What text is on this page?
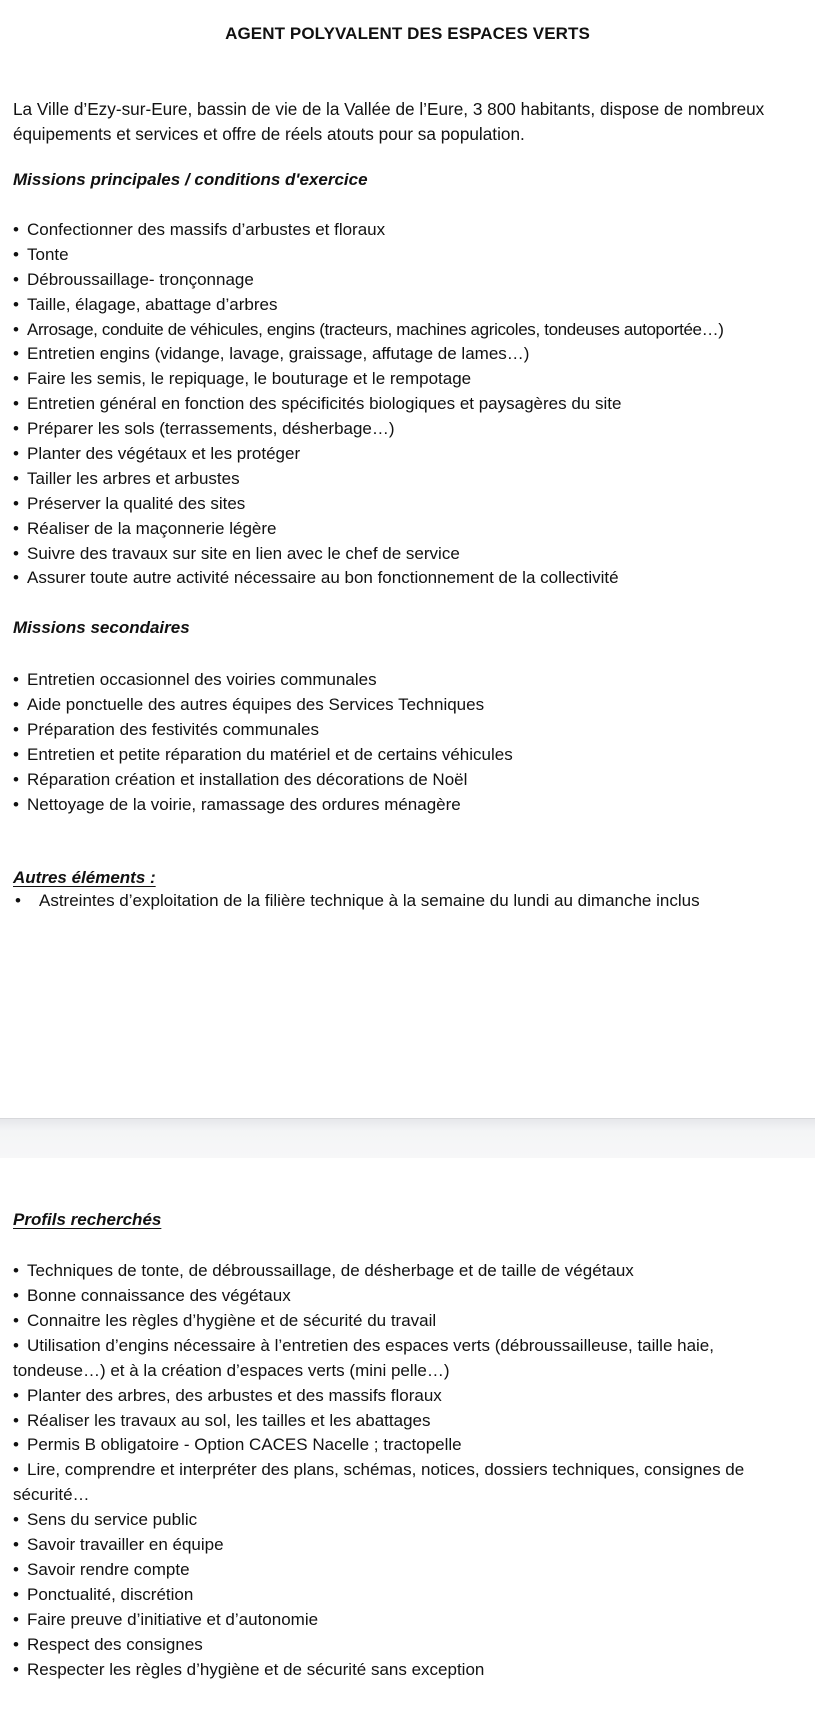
AGENT POLYVALENT DES ESPACES VERTS
La Ville d’Ezy-sur-Eure, bassin de vie de la Vallée de l’Eure, 3 800 habitants, dispose de nombreux
équipements et services et offre de réels atouts pour sa population.
Missions principales / conditions d'exercice
• Confectionner des massifs d’arbustes et floraux
• Tonte
• Débroussaillage- tronçonnage
• Taille, élagage, abattage d’arbres
• Arrosage, conduite de véhicules, engins (tracteurs, machines agricoles, tondeuses autoportée…)
• Entretien engins (vidange, lavage, graissage, affutage de lames…)
• Faire les semis, le repiquage, le bouturage et le rempotage
• Entretien général en fonction des spécificités biologiques et paysagères du site
• Préparer les sols (terrassements, désherbage…)
• Planter des végétaux et les protéger
• Tailler les arbres et arbustes
• Préserver la qualité des sites
• Réaliser de la maçonnerie légère
• Suivre des travaux sur site en lien avec le chef de service
• Assurer toute autre activité nécessaire au bon fonctionnement de la collectivité
Missions secondaires
• Entretien occasionnel des voiries communales
• Aide ponctuelle des autres équipes des Services Techniques
• Préparation des festivités communales
• Entretien et petite réparation du matériel et de certains véhicules
• Réparation création et installation des décorations de Noël
• Nettoyage de la voirie, ramassage des ordures ménagère
Autres éléments :
• Astreintes d’exploitation de la filière technique à la semaine du lundi au dimanche inclus
Profils recherchés
• Techniques de tonte, de débroussaillage, de désherbage et de taille de végétaux
• Bonne connaissance des végétaux
• Connaitre les règles d’hygiène et de sécurité du travail
• Utilisation d’engins nécessaire à l’entretien des espaces verts (débroussailleuse, taille haie, tondeuse…) et à la création d’espaces verts (mini pelle…)
• Planter des arbres, des arbustes et des massifs floraux
• Réaliser les travaux au sol, les tailles et les abattages
• Permis B obligatoire - Option CACES Nacelle ; tractopelle
• Lire, comprendre et interpréter des plans, schémas, notices, dossiers techniques, consignes de sécurité…
• Sens du service public
• Savoir travailler en équipe
• Savoir rendre compte
• Ponctualité, discrétion
• Faire preuve d’initiative et d’autonomie
• Respect des consignes
• Respecter les règles d’hygiène et de sécurité sans exception
